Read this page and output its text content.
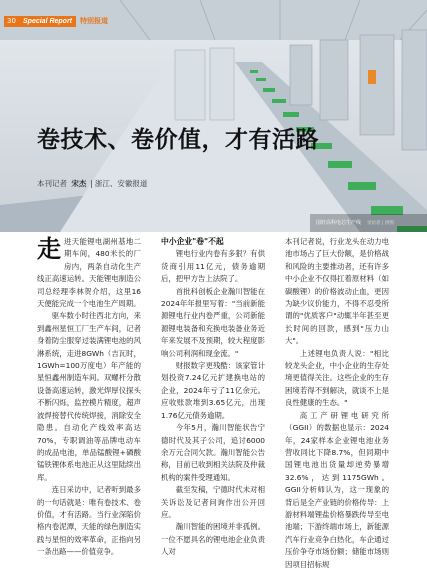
30	Special Report	特别报道
国轩高科电芯生产线 受访者 | 供图
卷技术、卷价值，才有活路
本刊记者 宋杰 | 浙江、安徽报道

走进天能锂电湖州基地二期车间，480米长的厂房内，两条自动化生产线正高速运转。天能锂电制造公司总经理李林贺介绍，这里16天便能完成一个电池生产周期。

驱车数小时往西北方向，来到鑫州星恒工厂生产车间，记者身着防尘服穿过装满锂电池的风淋系统，走进8GWh（吉瓦时，1GWh=100万度电）年产能的星恒鑫州制造车间。双螺杆分散设备高速运转，激光焊厚仪探头不断闪烁，监控模片精度，超声波焊接替代传统焊接，消除安全隐患。自动化产线效率高达70%，专职调油等品牌电动车的成品电池，单品锰酸锂+磷酸锰铁锂体系电池正从这里陆续出库。

连日采访中，记者听到最多的一句话就是：唯有卷技术、卷价值，才有活路。当行业深陷价格内卷泥潭，天能的绿色制造实践与星恒的效率革命，正指向另一条出路——价值竞争。

中小企业"卷"不起

锂电行业内卷有多狠？有供货商引用11亿元，债务逾期后，把甲方告上法院了。

首批科创板企业瀚川智能在2024年年报里写着："当前新能源锂电行业内卷严重，公司新能源锂电装备和充换电装备业务近年来发展不及预期，较大程度影响公司利润和现金流。"

财报数字更残酷：该家管计划投资7.24亿元扩建换电站的企业，2024年亏了11亿余元。应收账款堆到3.65亿元，出现1.76亿元债务逾期。

今年5月，瀚川智能状告宁德时代及其子公司，追讨6000余万元合同欠款。瀚川智能公告称，目前已收到相关法院及仲裁机构的案件受理通知。

截至发稿，宁德时代未对相关诉讼及记者问询作出公开回应。

瀚川智能的困境并非孤例。一位不愿具名的锂电池企业负责人对

本刊记者说，行业龙头在动力电池市场占了巨大份额，是价格战和风险的主要推动者，还有许多中小企业不仅得扛着原材料（如碳酸锂）的价格波动止血，更因为缺少议价能力，不得不忍受所谓的"优质客户"动辄半年甚至更长时间的回款，感到"压力山大"。

上述锂电负责人说："相比较龙头企业，中小企业的生存处境更值得关注。这些企业的生存困境若得不到解决，就谈不上是良性健康的生态。"

高工产研锂电研究所（GGII）的数据也显示：2024年，24家样本企业锂电池业务营收同比下降8.7%，但同期中国锂电池出货量却逆势暴增32.6%，达到1175GWh。GGII分析师认为，这一现象的背后是全产业链的价格传导：上游材料端锂盐价格暴跌传导至电池端；下游终端市场上，新能源汽车行业竞争白热化，车企通过压价争夺市场份额；储能市场则因项目招标规
